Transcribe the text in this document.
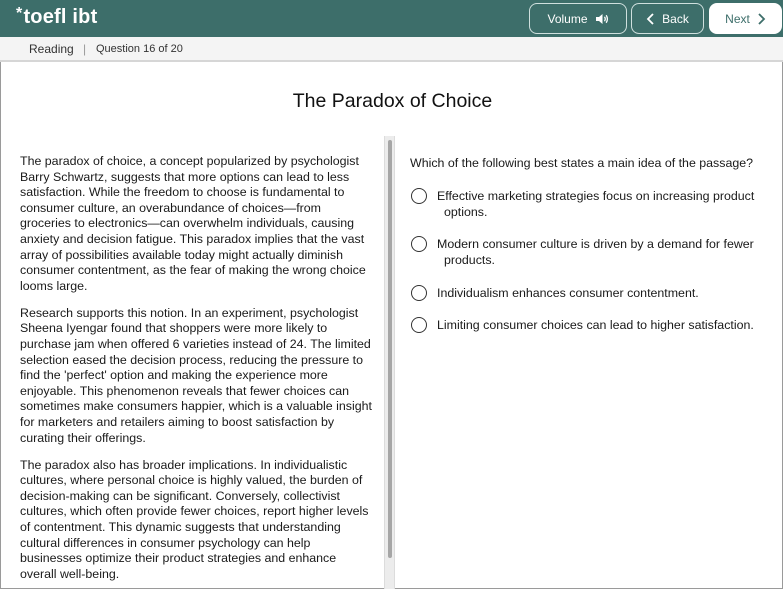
*toefl ibt	Volume	Back	Next
Reading | Question 16 of 20
The Paradox of Choice

The paradox of choice, a concept popularized by psychologist Barry Schwartz, suggests that more options can lead to less satisfaction. While the freedom to choose is fundamental to consumer culture, an overabundance of choices—from groceries to electronics—can overwhelm individuals, causing anxiety and decision fatigue. This paradox implies that the vast array of possibilities available today might actually diminish consumer contentment, as the fear of making the wrong choice looms large.

Research supports this notion. In an experiment, psychologist Sheena Iyengar found that shoppers were more likely to purchase jam when offered 6 varieties instead of 24. The limited selection eased the decision process, reducing the pressure to find the 'perfect' option and making the experience more enjoyable. This phenomenon reveals that fewer choices can sometimes make consumers happier, which is a valuable insight for marketers and retailers aiming to boost satisfaction by curating their offerings.

The paradox also has broader implications. In individualistic cultures, where personal choice is highly valued, the burden of decision-making can be significant. Conversely, collectivist cultures, which often provide fewer choices, report higher levels of contentment. This dynamic suggests that understanding cultural differences in consumer psychology can help businesses optimize their product strategies and enhance overall well-being.

Which of the following best states a main idea of the passage?
Effective marketing strategies focus on increasing product options.
Modern consumer culture is driven by a demand for fewer products.
Individualism enhances consumer contentment.
Limiting consumer choices can lead to higher satisfaction.
